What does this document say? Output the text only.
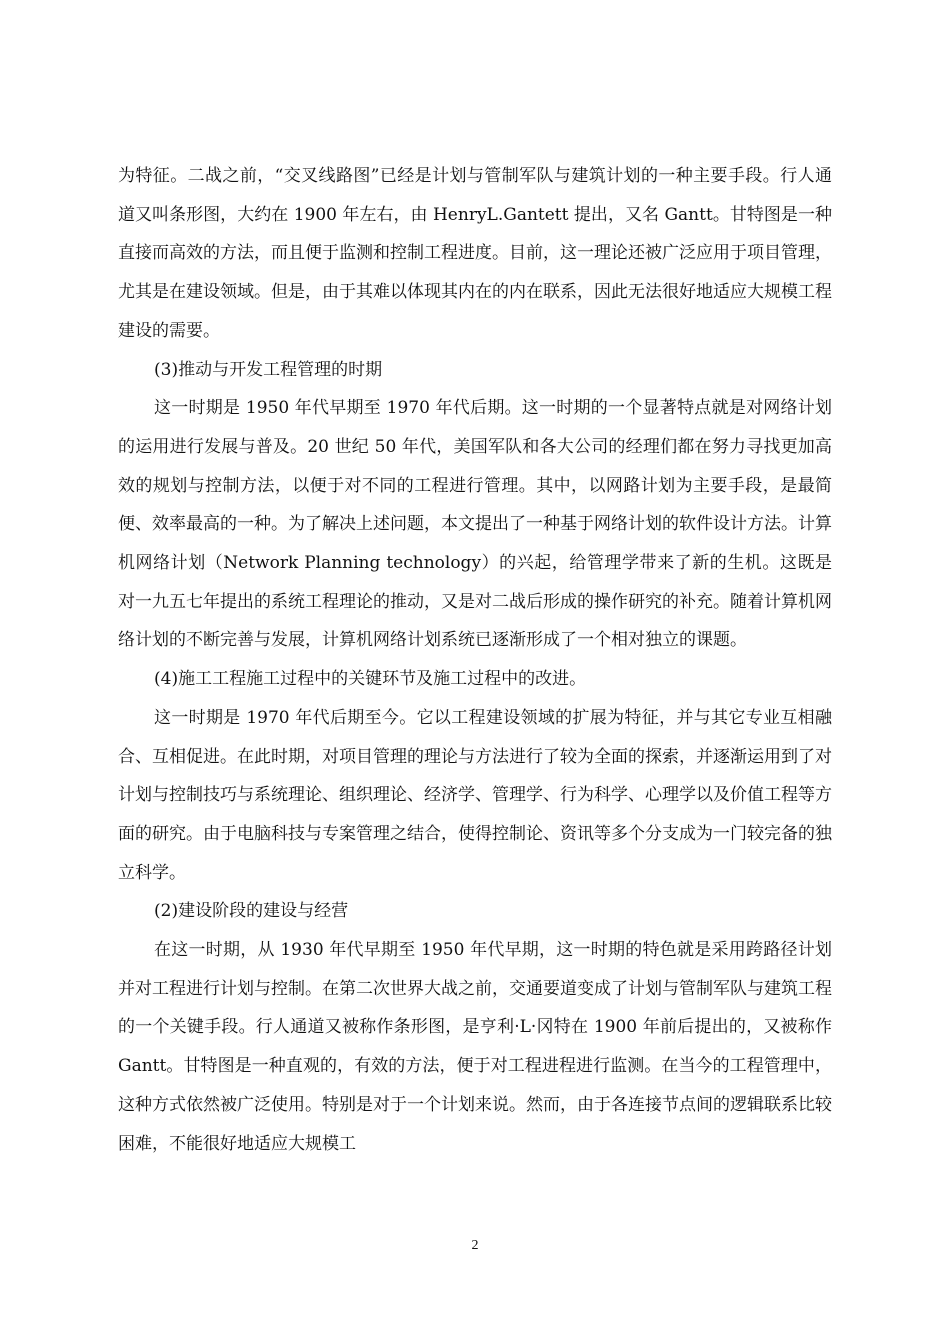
为特征。二战之前，“交叉线路图”已经是计划与管制军队与建筑计划的一种主要手段。行人通道又叫条形图，大约在 1900 年左右，由 HenryL.Gantett 提出，又名 Gantt。甘特图是一种直接而高效的方法，而且便于监测和控制工程进度。目前，这一理论还被广泛应用于项目管理，尤其是在建设领域。但是，由于其难以体现其内在的内在联系，因此无法很好地适应大规模工程建设的需要。

(3)推动与开发工程管理的时期

这一时期是 1950 年代早期至 1970 年代后期。这一时期的一个显著特点就是对网络计划的运用进行发展与普及。20 世纪 50 年代，美国军队和各大公司的经理们都在努力寻找更加高效的规划与控制方法，以便于对不同的工程进行管理。其中，以网路计划为主要手段，是最简便、效率最高的一种。为了解决上述问题，本文提出了一种基于网络计划的软件设计方法。计算机网络计划（Network Planning technology）的兴起，给管理学带来了新的生机。这既是对一九五七年提出的系统工程理论的推动，又是对二战后形成的操作研究的补充。随着计算机网络计划的不断完善与发展，计算机网络计划系统已逐渐形成了一个相对独立的课题。

(4)施工工程施工过程中的关键环节及施工过程中的改进。

这一时期是 1970 年代后期至今。它以工程建设领域的扩展为特征，并与其它专业互相融合、互相促进。在此时期，对项目管理的理论与方法进行了较为全面的探索，并逐渐运用到了对计划与控制技巧与系统理论、组织理论、经济学、管理学、行为科学、心理学以及价值工程等方面的研究。由于电脑科技与专案管理之结合，使得控制论、资讯等多个分支成为一门较完备的独立科学。

(2)建设阶段的建设与经营

在这一时期，从 1930 年代早期至 1950 年代早期，这一时期的特色就是采用跨路径计划并对工程进行计划与控制。在第二次世界大战之前，交通要道变成了计划与管制军队与建筑工程的一个关键手段。行人通道又被称作条形图，是亨利·L·冈特在 1900 年前后提出的，又被称作 Gantt。甘特图是一种直观的，有效的方法，便于对工程进程进行监测。在当今的工程管理中，这种方式依然被广泛使用。特别是对于一个计划来说。然而，由于各连接节点间的逻辑联系比较困难，不能很好地适应大规模工

2
